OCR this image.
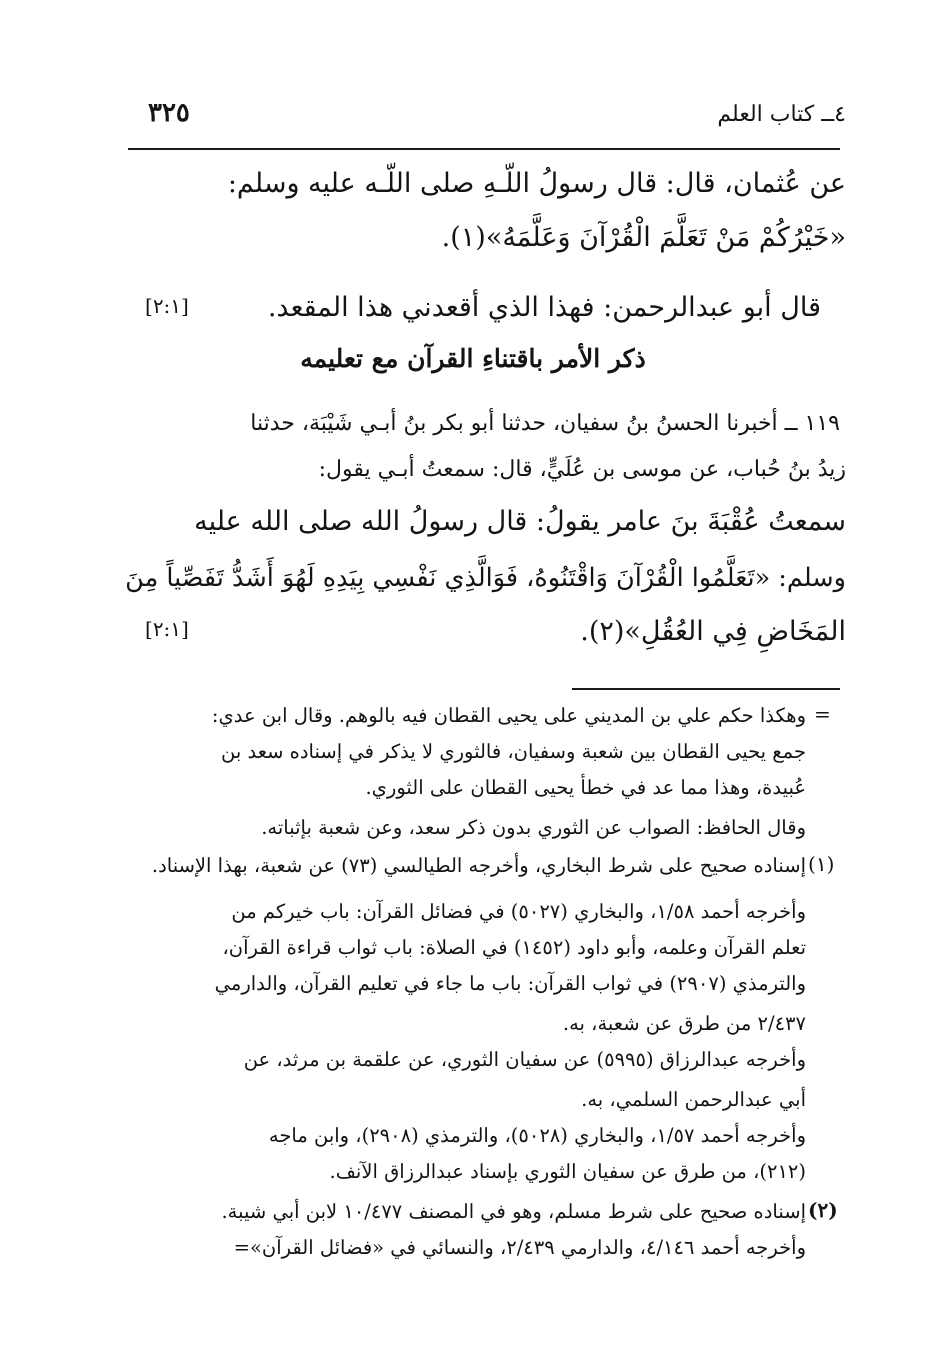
٣٢٥	٤ــ كتاب العلم
عن عُثمان، قال: قال رسولُ اللّـهِ صلى اللّـه عليه وسلم:
«خَيْرُكُمْ مَنْ تَعَلَّمَ الْقُرْآنَ وَعَلَّمَهُ»(١).
قال أبو عبدالرحمن: فهذا الذي أقعدني هذا المقعد.
[٢:١]
ذكر الأمر باقتناءِ القرآن مع تعليمه
١١٩ ــ أخبرنا الحسنُ بنُ سفيان، حدثنا أبو بكر بنُ أبـي شَيْبَة، حدثنا
زيدُ بنُ حُباب، عن موسى بن عُلَيٍّ، قال: سمعتُ أبـي يقول:
سمعتُ عُقْبَةَ بنَ عامر يقولُ: قال رسولُ الله صلى الله عليه
وسلم: «تَعَلَّمُوا الْقُرْآنَ وَاقْتَنُوهُ، فَوَالَّذِي نَفْسِي بِيَدِهِ لَهُوَ أَشَدُّ تَفَصِّياً مِنَ
المَخَاضِ فِي العُقُلِ»(٢).
[٢:١]
=
وهكذا حكم علي بن المديني على يحيى القطان فيه بالوهم. وقال ابن عدي:
جمع يحيى القطان بين شعبة وسفيان، فالثوري لا يذكر في إسناده سعد بن
عُبيدة، وهذا مما عد في خطأ يحيى القطان على الثوري.
وقال الحافظ: الصواب عن الثوري بدون ذكر سعد، وعن شعبة بإثباته.
(١)
إسناده صحيح على شرط البخاري، وأخرجه الطيالسي (٧٣) عن شعبة، بهذا الإسناد.
وأخرجه أحمد ١/٥٨، والبخاري (٥٠٢٧) في فضائل القرآن: باب خيركم من
تعلم القرآن وعلمه، وأبو داود (١٤٥٢) في الصلاة: باب ثواب قراءة القرآن،
والترمذي (٢٩٠٧) في ثواب القرآن: باب ما جاء في تعليم القرآن، والدارمي
٢/٤٣٧ من طرق عن شعبة، به.
وأخرجه عبدالرزاق (٥٩٩٥) عن سفيان الثوري، عن علقمة بن مرثد، عن
أبي عبدالرحمن السلمي، به.
وأخرجه أحمد ١/٥٧، والبخاري (٥٠٢٨)، والترمذي (٢٩٠٨)، وابن ماجه
(٢١٢)، من طرق عن سفيان الثوري بإسناد عبدالرزاق الآنف.
(٢)
إسناده صحيح على شرط مسلم، وهو في المصنف ١٠/٤٧٧ لابن أبي شيبة.
وأخرجه أحمد ٤/١٤٦، والدارمي ٢/٤٣٩، والنسائي في «فضائل القرآن»=
